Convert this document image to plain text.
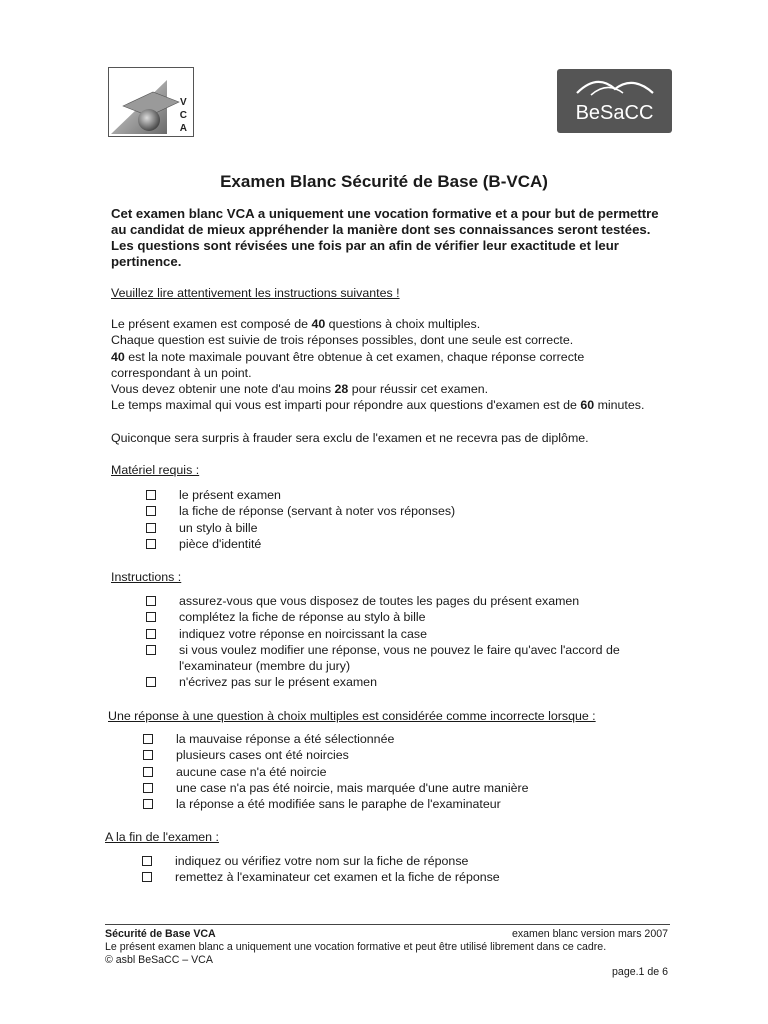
V
C
A
BeSaCC
Examen Blanc Sécurité de Base (B-VCA)
Cet examen blanc VCA a uniquement une vocation formative et a pour but de permettre au candidat de mieux appréhender la manière dont ses connaissances seront testées. Les questions sont révisées une fois par an afin de vérifier leur exactitude et leur pertinence.
Veuillez lire attentivement les instructions suivantes !
Le présent examen est composé de 40 questions à choix multiples.
Chaque question est suivie de trois réponses possibles, dont une seule est correcte.
40 est la note maximale pouvant être obtenue à cet examen, chaque réponse correcte
correspondant à un point.
Vous devez obtenir une note d'au moins 28 pour réussir cet examen.
Le temps maximal qui vous est imparti pour répondre aux questions d'examen est de 60 minutes.
Quiconque sera surpris à frauder sera exclu de l'examen et ne recevra pas de diplôme.
Matériel requis :
le présent examen
la fiche de réponse (servant à noter vos réponses)
un stylo à bille
pièce d'identité
Instructions :
assurez-vous que vous disposez de toutes les pages du présent examen
complétez la fiche de réponse au stylo à bille
indiquez votre réponse en noircissant la case
si vous voulez modifier une réponse, vous ne pouvez le faire qu'avec l'accord de
l'examinateur (membre du jury)
n'écrivez pas sur le présent examen
Une réponse à une question à choix multiples est considérée comme incorrecte lorsque :
la mauvaise réponse a été sélectionnée
plusieurs cases ont été noircies
aucune case n'a été noircie
une case n'a pas été noircie, mais marquée d'une autre manière
la réponse a été modifiée sans le paraphe de l'examinateur
A la fin de l'examen :
indiquez ou vérifiez votre nom sur la fiche de réponse
remettez à l'examinateur cet examen et la fiche de réponse
Sécurité de Base VCA	examen blanc version mars 2007
Le présent examen blanc a uniquement une vocation formative et peut être utilisé librement dans ce cadre.
© asbl BeSaCC – VCA
page.1 de 6
